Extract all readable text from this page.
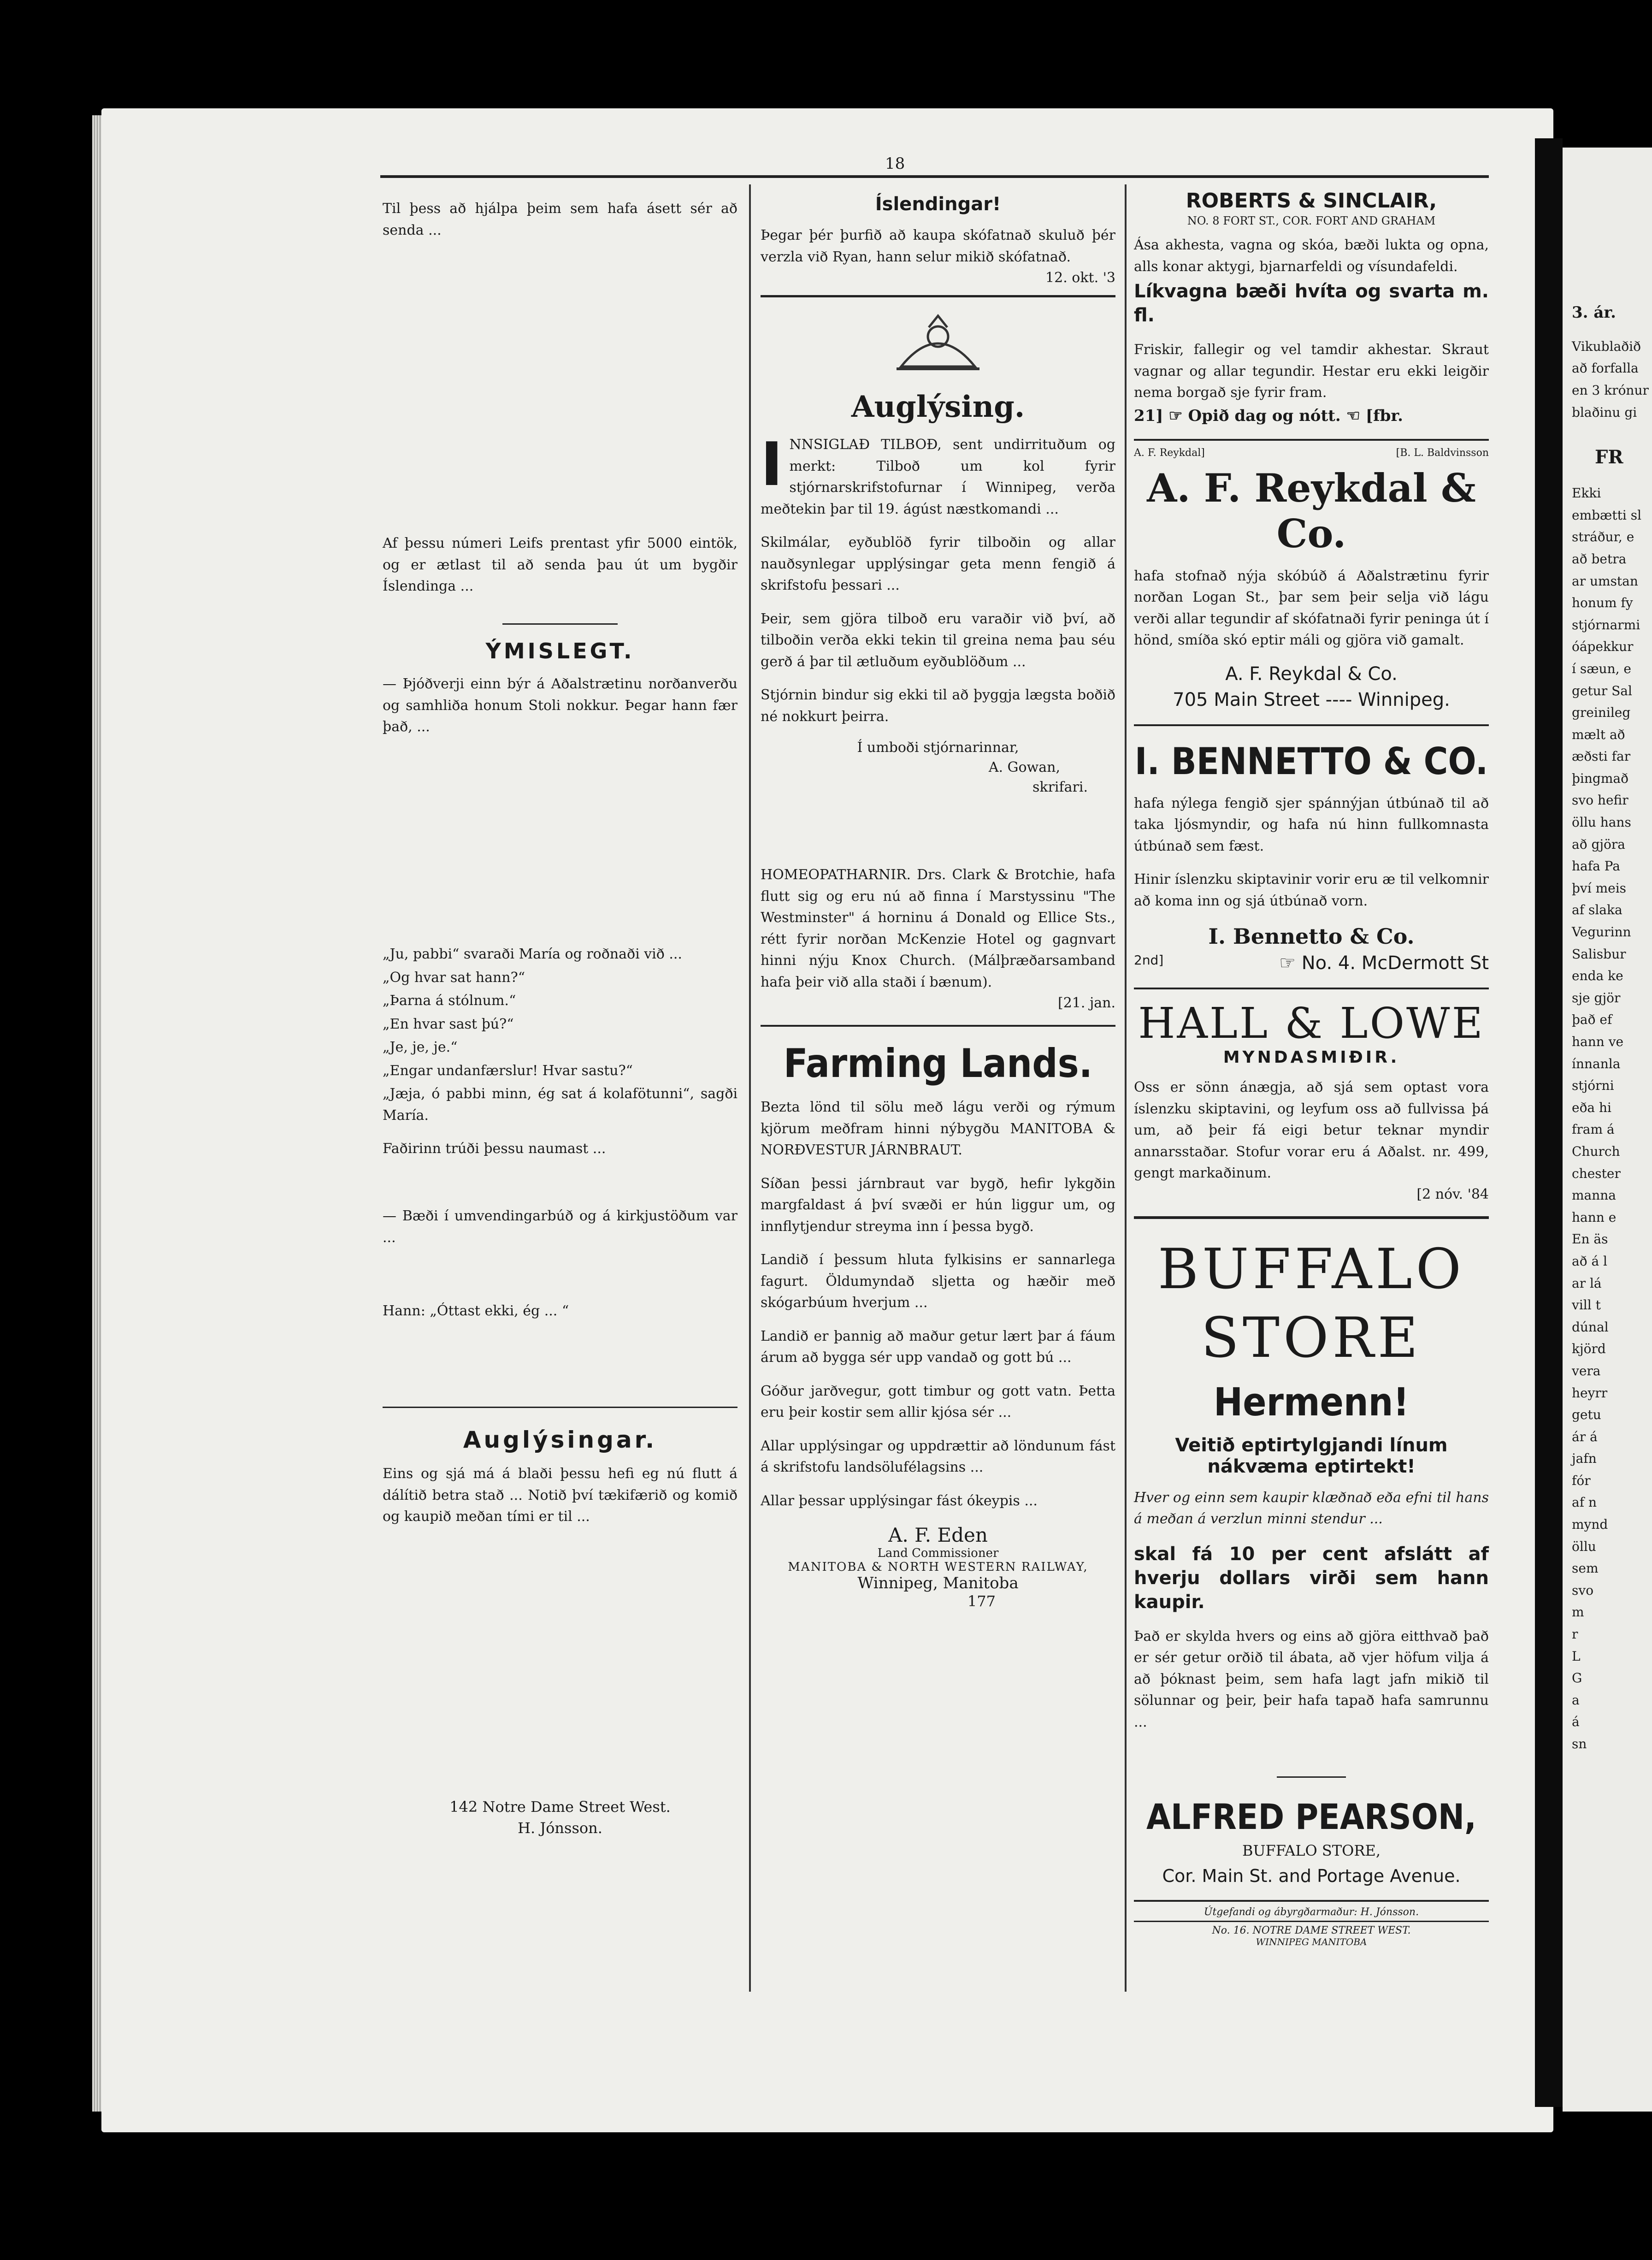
18

Til þess að hjálpa þeim sem hafa ásett sér að senda ...

Af þessu númeri Leifs prentast yfir 5000 eintök, og er ætlast til að senda þau út um bygðir Íslendinga ...

ÝMISLEGT.

— Þjóðverji einn býr á Aðalstrætinu norðanverðu og samhliða honum Stoli nokkur. Þegar hann fær það, ...

„Ju, pabbi“ svaraði María og roðnaði við ...

„Og hvar sat hann?“

„Þarna á stólnum.“

„En hvar sast þú?“

„Je, je, je.“

„Engar undanfærslur! Hvar sastu?“

„Jæja, ó pabbi minn, ég sat á kolafötunni“, sagði María.

Faðirinn trúði þessu naumast ...

— Bæði í umvendingarbúð og á kirkjustöðum var ...

Hann: „Óttast ekki, ég ... “

Auglýsingar.

Eins og sjá má á blaði þessu hefi eg nú flutt á dálítið betra stað ... Notið því tækifærið og komið og kaupið meðan tími er til ...

142 Notre Dame Street West.
H. Jónsson.
Íslendingar!

Þegar þér þurfið að kaupa skófatnað skuluð þér verzla við Ryan, hann selur mikið skófatnað.

12. okt. '3
Auglýsing.

I NNSIGLAÐ TILBOÐ, sent undirrituðum og merkt: Tilboð um kol fyrir stjórnarskrifstofurnar í Winnipeg, verða meðtekin þar til 19. ágúst næstkomandi ...

Skilmálar, eyðublöð fyrir tilboðin og allar nauðsynlegar upplýsingar geta menn fengið á skrifstofu þessari ...

Þeir, sem gjöra tilboð eru varaðir við því, að tilboðin verða ekki tekin til greina nema þau séu gerð á þar til ætluðum eyðublöðum ...

Stjórnin bindur sig ekki til að þyggja lægsta boðið né nokkurt þeirra.

Í umboði stjórnarinnar,
A. Gowan,
skrifari.

HOMEOPATHARNIR. Drs. Clark & Brotchie, hafa flutt sig og eru nú að finna í Marstyssinu "The Westminster" á horninu á Donald og Ellice Sts., rétt fyrir norðan McKenzie Hotel og gagnvart hinni nýju Knox Church. (Málþræðarsamband hafa þeir við alla staði í bænum).

[21. jan.
Farming Lands.

Bezta lönd til sölu með lágu verði og rýmum kjörum meðfram hinni nýbygðu MANITOBA & NORÐVESTUR JÁRNBRAUT.

Síðan þessi járnbraut var bygð, hefir lykgðin margfaldast á því svæði er hún liggur um, og innflytjendur streyma inn í þessa bygð.

Landið í þessum hluta fylkisins er sannarlega fagurt. Öldumyndað sljetta og hæðir með skógarbúum hverjum ...

Landið er þannig að maður getur lært þar á fáum árum að bygga sér upp vandað og gott bú ...

Góður jarðvegur, gott timbur og gott vatn. Þetta eru þeir kostir sem allir kjósa sér ...

Allar upplýsingar og uppdrættir að löndunum fást á skrifstofu landsölufélagsins ...

Allar þessar upplýsingar fást ókeypis ...

A. F. Eden
Land Commissioner
MANITOBA & NORTH WESTERN RAILWAY,
Winnipeg, Manitoba
177
ROBERTS & SINCLAIR,
NO. 8 FORT ST., COR. FORT AND GRAHAM

Ása akhesta, vagna og skóa, bæði lukta og opna, alls konar aktygi, bjarnarfeldi og vísundafeldi.

Líkvagna bæði hvíta og svarta m. fl.

Friskir, fallegir og vel tamdir akhestar. Skraut vagnar og allar tegundir. Hestar eru ekki leigðir nema borgað sje fyrir fram.

21] ☞ Opið dag og nótt. ☜ [fbr.
A. F. Reykdal]	[B. L. Baldvinsson
A. F. Reykdal & Co.

hafa stofnað nýja skóbúð á Aðalstrætinu fyrir norðan Logan St., þar sem þeir selja við lágu verði allar tegundir af skófatnaði fyrir peninga út í hönd, smíða skó eptir máli og gjöra við gamalt.

A. F. Reykdal & Co.
705 Main Street ---- Winnipeg.
I. BENNETTO & CO.

hafa nýlega fengið sjer spánnýjan útbúnað til að taka ljósmyndir, og hafa nú hinn fullkomnasta útbúnað sem fæst.

Hinir íslenzku skiptavinir vorir eru æ til velkomnir að koma inn og sjá útbúnað vorn.

I. Bennetto & Co.
2nd]	☞ No. 4. McDermott St
HALL & LOWE
MYNDASMIÐIR.

Oss er sönn ánægja, að sjá sem optast vora íslenzku skiptavini, og leyfum oss að fullvissa þá um, að þeir fá eigi betur teknar myndir annarsstaðar. Stofur vorar eru á Aðalst. nr. 499, gengt markaðinum.

[2 nóv. '84
BUFFALO
STORE
Hermenn!
Veitið eptirtylgjandi línum nákvæma eptirtekt!

Hver og einn sem kaupir klæðnað eða efni til hans á meðan á verzlun minni stendur ...

skal fá 10 per cent afslátt af hverju dollars virði sem hann kaupir.

Það er skylda hvers og eins að gjöra eitthvað það er sér getur orðið til ábata, að vjer höfum vilja á að þóknast þeim, sem hafa lagt jafn mikið til sölunnar og þeir, þeir hafa tapað hafa samrunnu ...

ALFRED PEARSON,
BUFFALO STORE,
Cor. Main St. and Portage Avenue.
Útgefandi og ábyrgðarmaður: H. Jónsson.
No. 16. NOTRE DAME STREET WEST.
WINNIPEG MANITOBA
3. ár.
Vikublaðið
að forfalla
en 3 krónur
blaðinu gi
FR
Ekki
embætti sl
stráður, e
að betra
ar umstan
honum fy
stjórnarmi
óápekkur
í sæun, e
getur Sal
greinileg
mælt að
æðsti far
þingmað
svo hefir
öllu hans
að gjöra
hafa Pa
því meis
af slaka
Vegurinn
Salisbur
enda ke
sje gjör
það ef
hann ve
ínnanla
stjórni
eða hi
fram á
Church
chester
manna
hann e
En äs
að á l
ar lá
vill t
dúnal
kjörd
vera
heyrr
getu
ár á
jafn
fór
af n
mynd
öllu
sem
svo
m
r
L
G
a
á
sn
